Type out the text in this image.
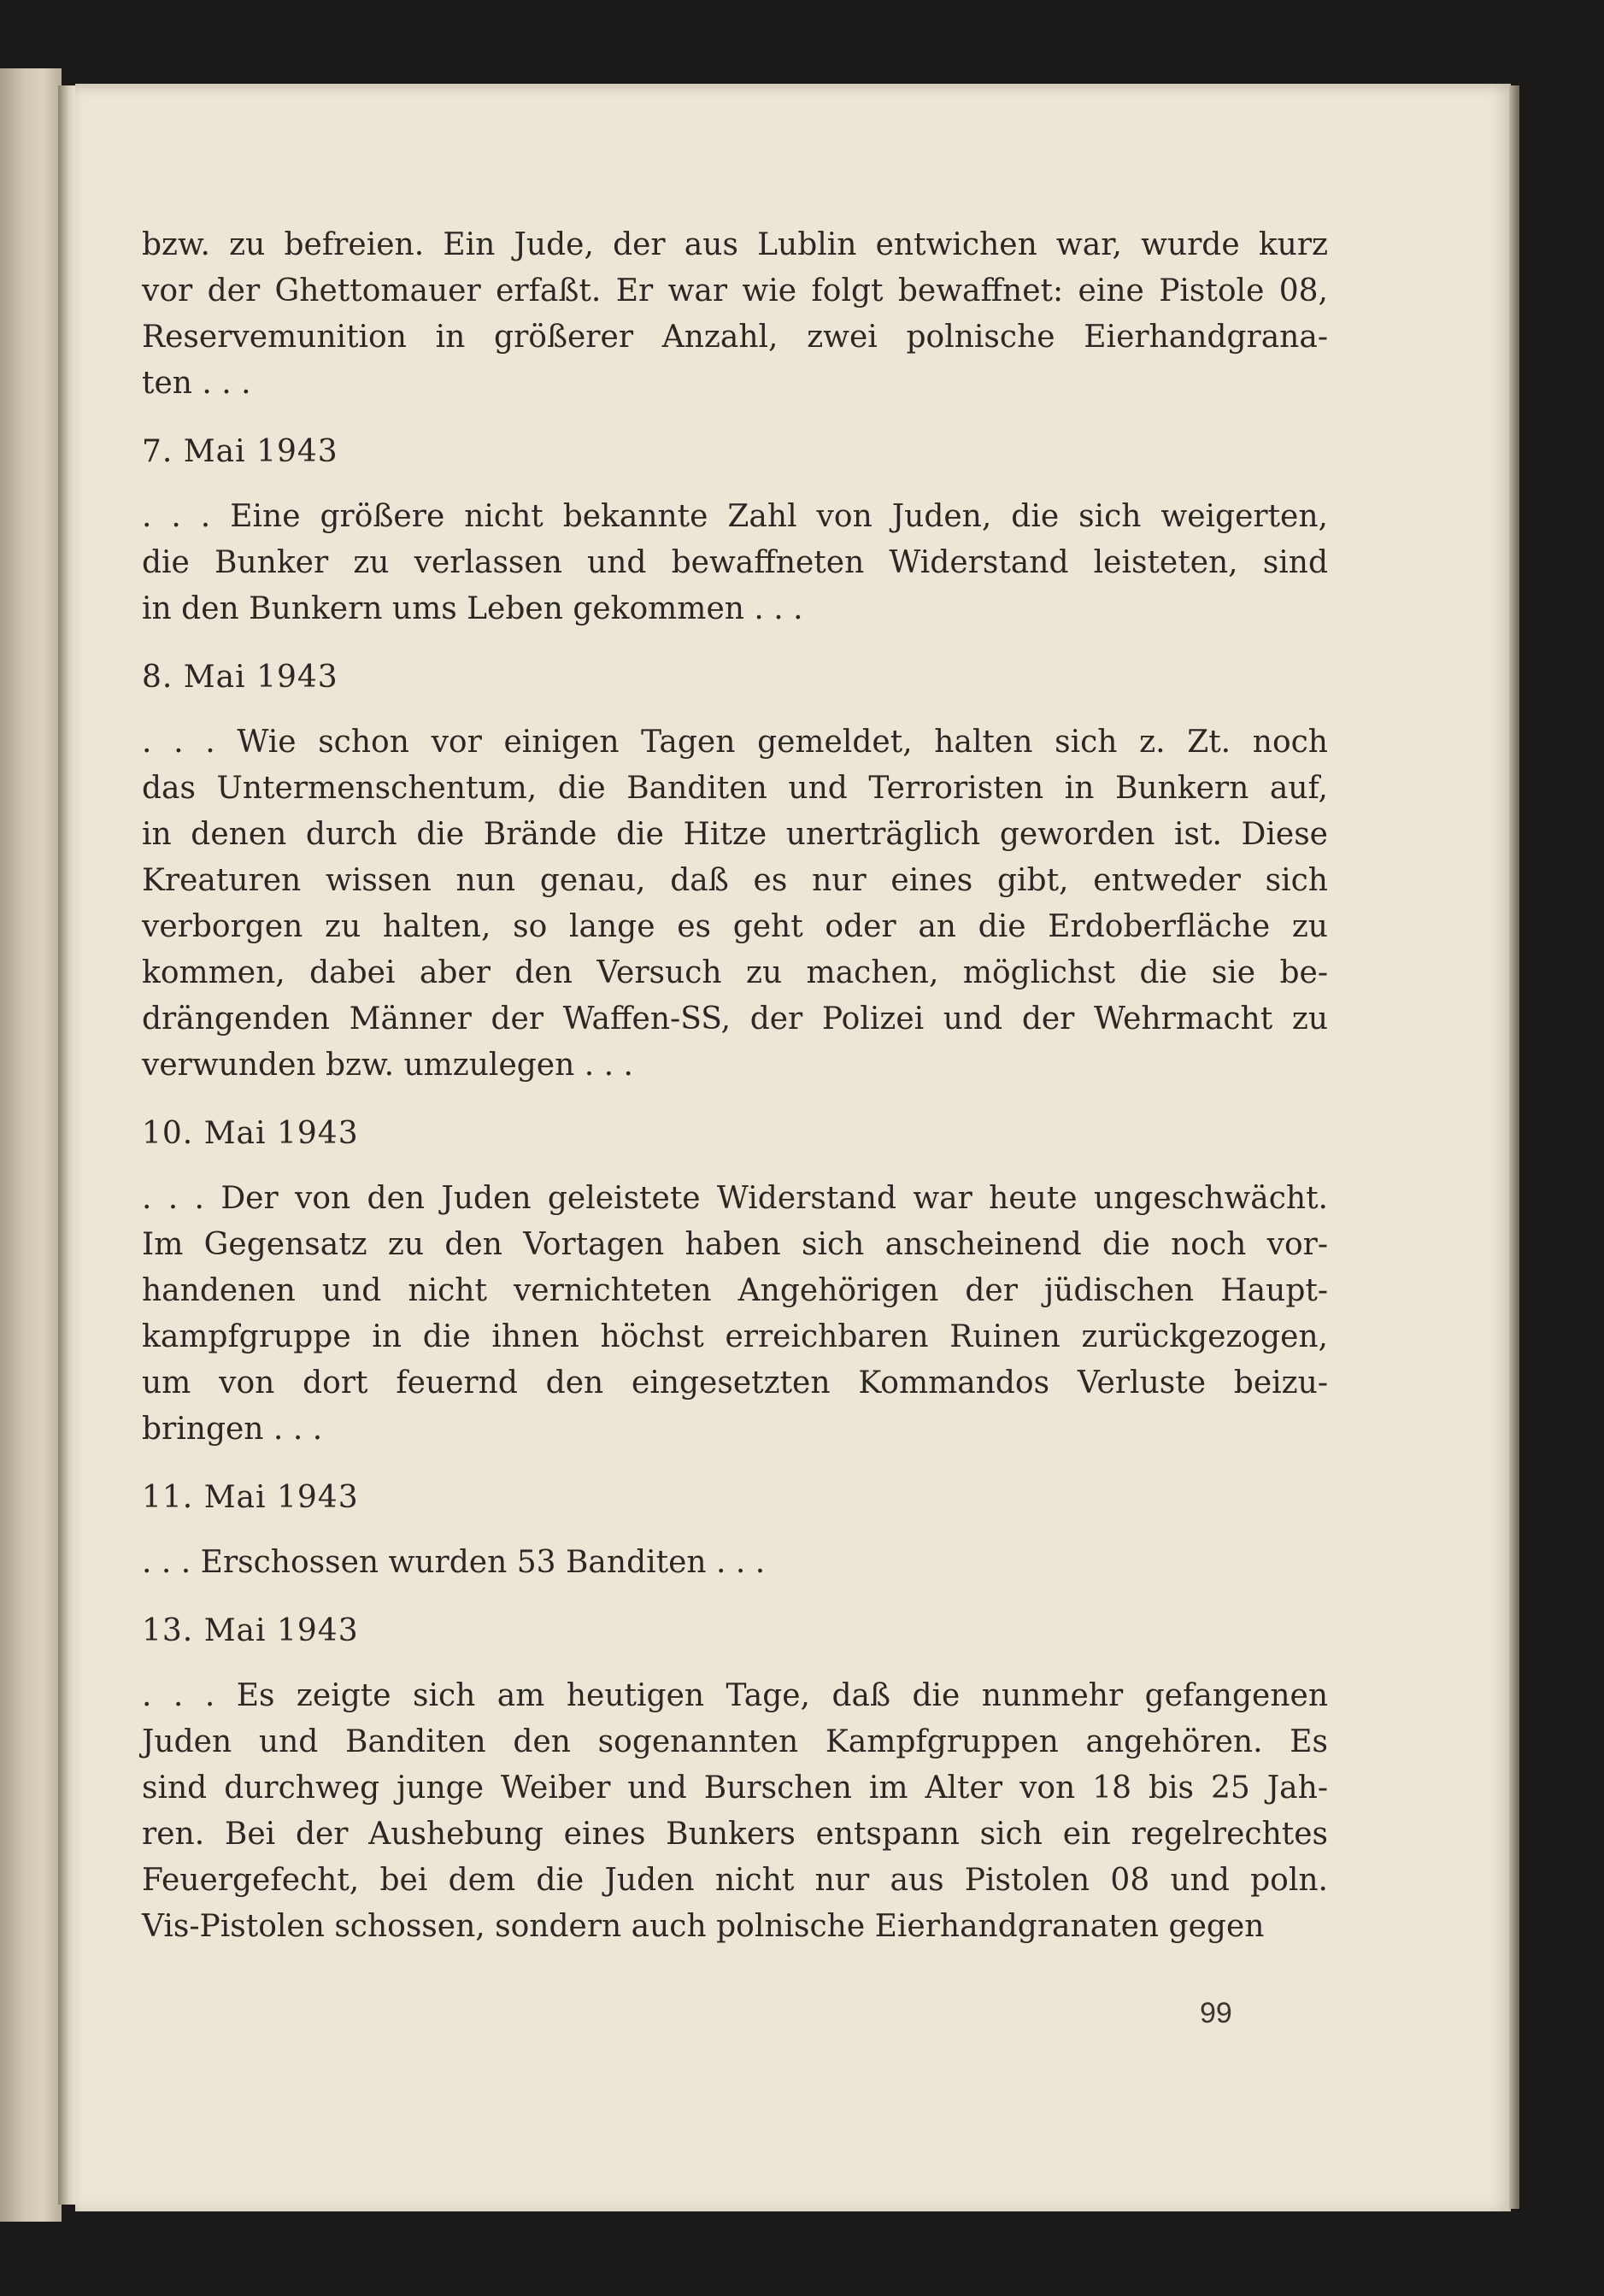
bzw. zu befreien. Ein Jude, der aus Lublin entwichen war, wurde kurz
vor der Ghettomauer erfaßt. Er war wie folgt bewaffnet: eine Pistole 08,
Reservemunition in größerer Anzahl, zwei polnische Eierhandgrana-
ten . . .
7. Mai 1943
. . . Eine größere nicht bekannte Zahl von Juden, die sich weigerten,
die Bunker zu verlassen und bewaffneten Widerstand leisteten, sind
in den Bunkern ums Leben gekommen . . .
8. Mai 1943
. . . Wie schon vor einigen Tagen gemeldet, halten sich z. Zt. noch
das Untermenschentum, die Banditen und Terroristen in Bunkern auf,
in denen durch die Brände die Hitze unerträglich geworden ist. Diese
Kreaturen wissen nun genau, daß es nur eines gibt, entweder sich
verborgen zu halten, so lange es geht oder an die Erdoberfläche zu
kommen, dabei aber den Versuch zu machen, möglichst die sie be-
drängenden Männer der Waffen-SS, der Polizei und der Wehrmacht zu
verwunden bzw. umzulegen . . .
10. Mai 1943
. . . Der von den Juden geleistete Widerstand war heute ungeschwächt.
Im Gegensatz zu den Vortagen haben sich anscheinend die noch vor-
handenen und nicht vernichteten Angehörigen der jüdischen Haupt-
kampfgruppe in die ihnen höchst erreichbaren Ruinen zurückgezogen,
um von dort feuernd den eingesetzten Kommandos Verluste beizu-
bringen . . .
11. Mai 1943
. . . Erschossen wurden 53 Banditen . . .
13. Mai 1943
. . . Es zeigte sich am heutigen Tage, daß die nunmehr gefangenen
Juden und Banditen den sogenannten Kampfgruppen angehören. Es
sind durchweg junge Weiber und Burschen im Alter von 18 bis 25 Jah-
ren. Bei der Aushebung eines Bunkers entspann sich ein regelrechtes
Feuergefecht, bei dem die Juden nicht nur aus Pistolen 08 und poln.
Vis-Pistolen schossen, sondern auch polnische Eierhandgranaten gegen
99
